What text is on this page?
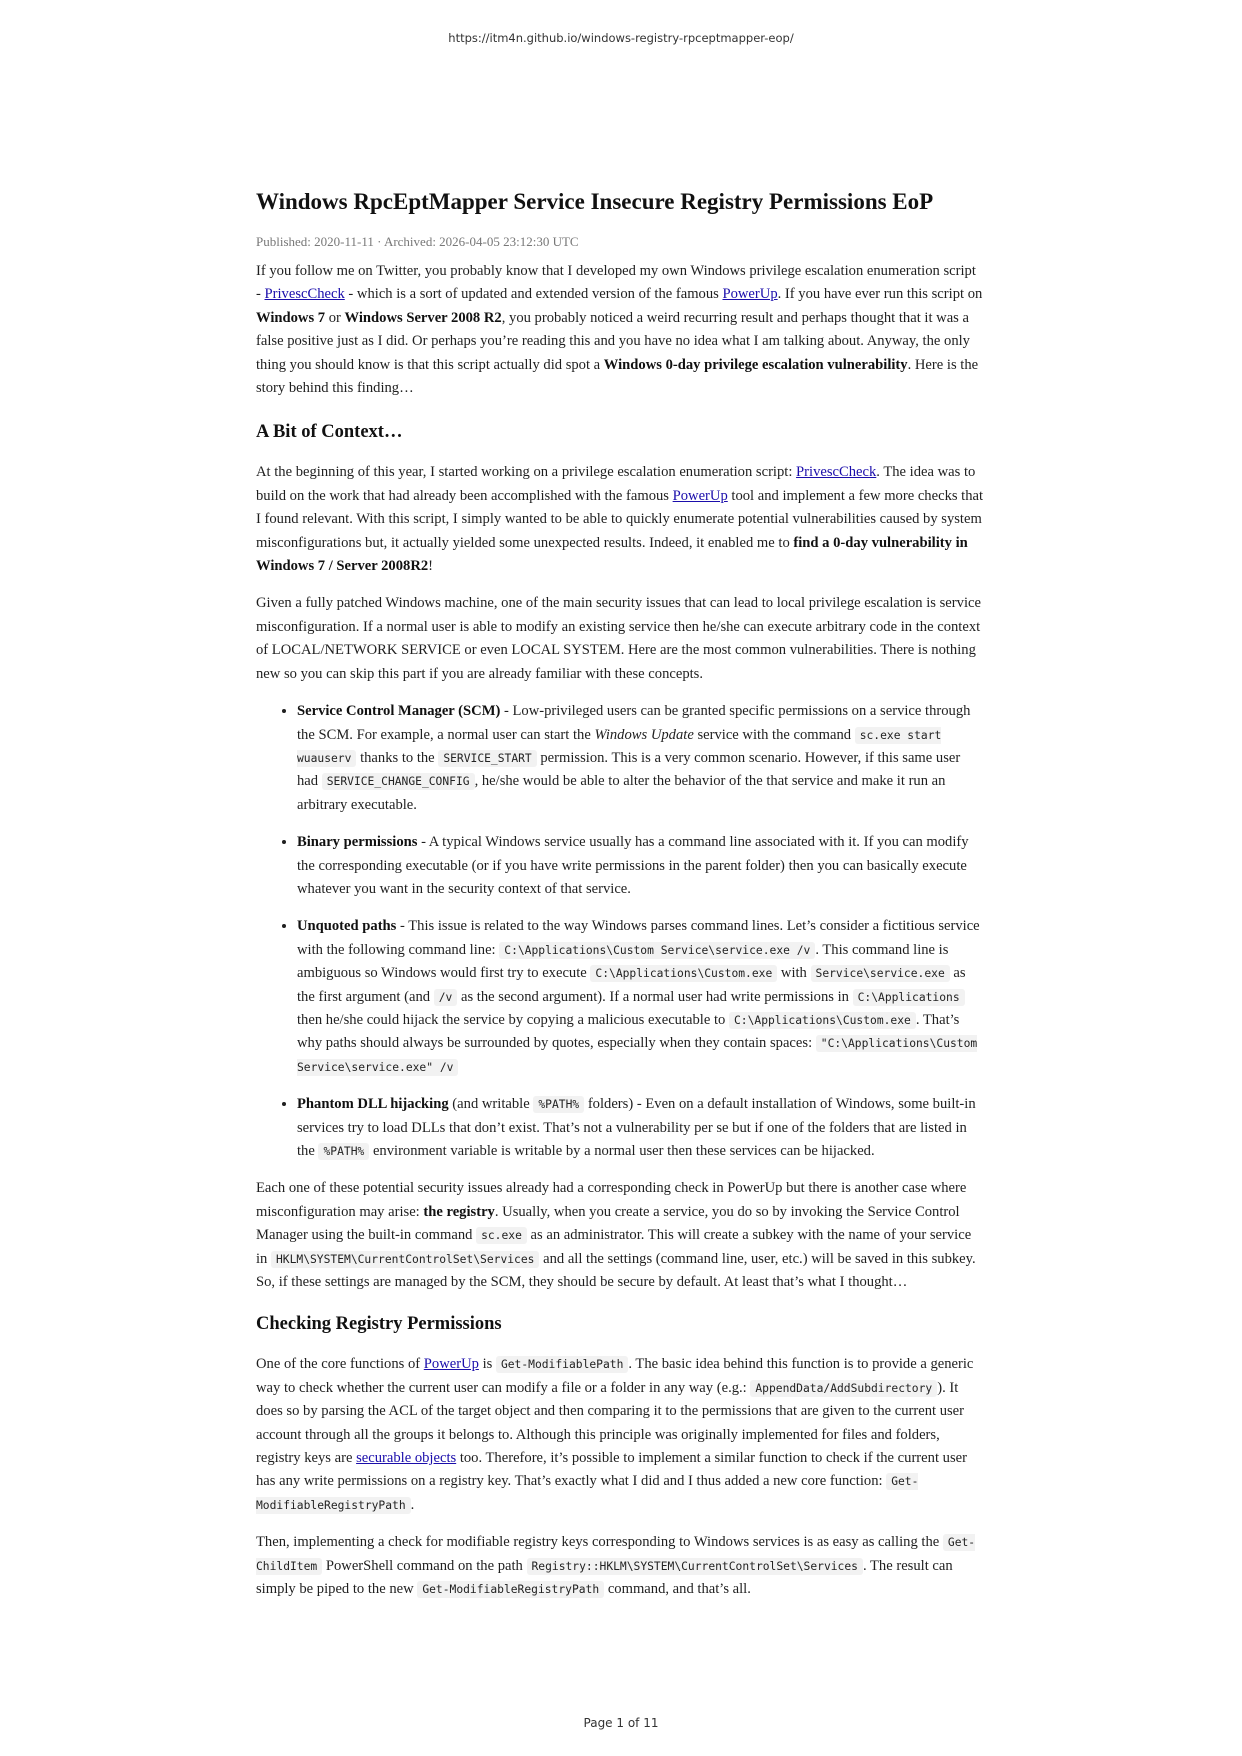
https://itm4n.github.io/windows-registry-rpceptmapper-eop/
Windows RpcEptMapper Service Insecure Registry Permissions EoP

Published: 2020-11-11 · Archived: 2026-04-05 23:12:30 UTC

If you follow me on Twitter, you probably know that I developed my own Windows privilege escalation enumeration script - PrivescCheck - which is a sort of updated and extended version of the famous PowerUp. If you have ever run this script on Windows 7 or Windows Server 2008 R2, you probably noticed a weird recurring result and perhaps thought that it was a false positive just as I did. Or perhaps you’re reading this and you have no idea what I am talking about. Anyway, the only thing you should know is that this script actually did spot a Windows 0-day privilege escalation vulnerability. Here is the story behind this finding…

A Bit of Context…

At the beginning of this year, I started working on a privilege escalation enumeration script: PrivescCheck. The idea was to build on the work that had already been accomplished with the famous PowerUp tool and implement a few more checks that I found relevant. With this script, I simply wanted to be able to quickly enumerate potential vulnerabilities caused by system misconfigurations but, it actually yielded some unexpected results. Indeed, it enabled me to find a 0-day vulnerability in Windows 7 / Server 2008R2!

Given a fully patched Windows machine, one of the main security issues that can lead to local privilege escalation is service misconfiguration. If a normal user is able to modify an existing service then he/she can execute arbitrary code in the context of LOCAL/NETWORK SERVICE or even LOCAL SYSTEM. Here are the most common vulnerabilities. There is nothing new so you can skip this part if you are already familiar with these concepts.

• Service Control Manager (SCM) - Low-privileged users can be granted specific permissions on a service through the SCM. For example, a normal user can start the Windows Update service with the command sc.exe start wuauserv thanks to the SERVICE_START permission. This is a very common scenario. However, if this same user had SERVICE_CHANGE_CONFIG , he/she would be able to alter the behavior of the that service and make it run an arbitrary executable.
• Binary permissions - A typical Windows service usually has a command line associated with it. If you can modify the corresponding executable (or if you have write permissions in the parent folder) then you can basically execute whatever you want in the security context of that service.
• Unquoted paths - This issue is related to the way Windows parses command lines. Let’s consider a fictitious service with the following command line: C:\Applications\Custom Service\service.exe /v . This command line is ambiguous so Windows would first try to execute C:\Applications\Custom.exe with Service\service.exe as the first argument (and /v as the second argument). If a normal user had write permissions in C:\Applications then he/she could hijack the service by copying a malicious executable to C:\Applications\Custom.exe . That’s why paths should always be surrounded by quotes, especially when they contain spaces: "C:\Applications\Custom Service\service.exe" /v
• Phantom DLL hijacking (and writable %PATH% folders) - Even on a default installation of Windows, some built-in services try to load DLLs that don’t exist. That’s not a vulnerability per se but if one of the folders that are listed in the %PATH% environment variable is writable by a normal user then these services can be hijacked.

Each one of these potential security issues already had a corresponding check in PowerUp but there is another case where misconfiguration may arise: the registry. Usually, when you create a service, you do so by invoking the Service Control Manager using the built-in command sc.exe as an administrator. This will create a subkey with the name of your service in HKLM\SYSTEM\CurrentControlSet\Services and all the settings (command line, user, etc.) will be saved in this subkey. So, if these settings are managed by the SCM, they should be secure by default. At least that’s what I thought…

Checking Registry Permissions

One of the core functions of PowerUp is Get-ModifiablePath . The basic idea behind this function is to provide a generic way to check whether the current user can modify a file or a folder in any way (e.g.: AppendData/AddSubdirectory ). It does so by parsing the ACL of the target object and then comparing it to the permissions that are given to the current user account through all the groups it belongs to. Although this principle was originally implemented for files and folders, registry keys are securable objects too. Therefore, it’s possible to implement a similar function to check if the current user has any write permissions on a registry key. That’s exactly what I did and I thus added a new core function: Get-ModifiableRegistryPath .

Then, implementing a check for modifiable registry keys corresponding to Windows services is as easy as calling the Get-ChildItem PowerShell command on the path Registry::HKLM\SYSTEM\CurrentControlSet\Services . The result can simply be piped to the new Get-ModifiableRegistryPath command, and that’s all.

Page 1 of 11
